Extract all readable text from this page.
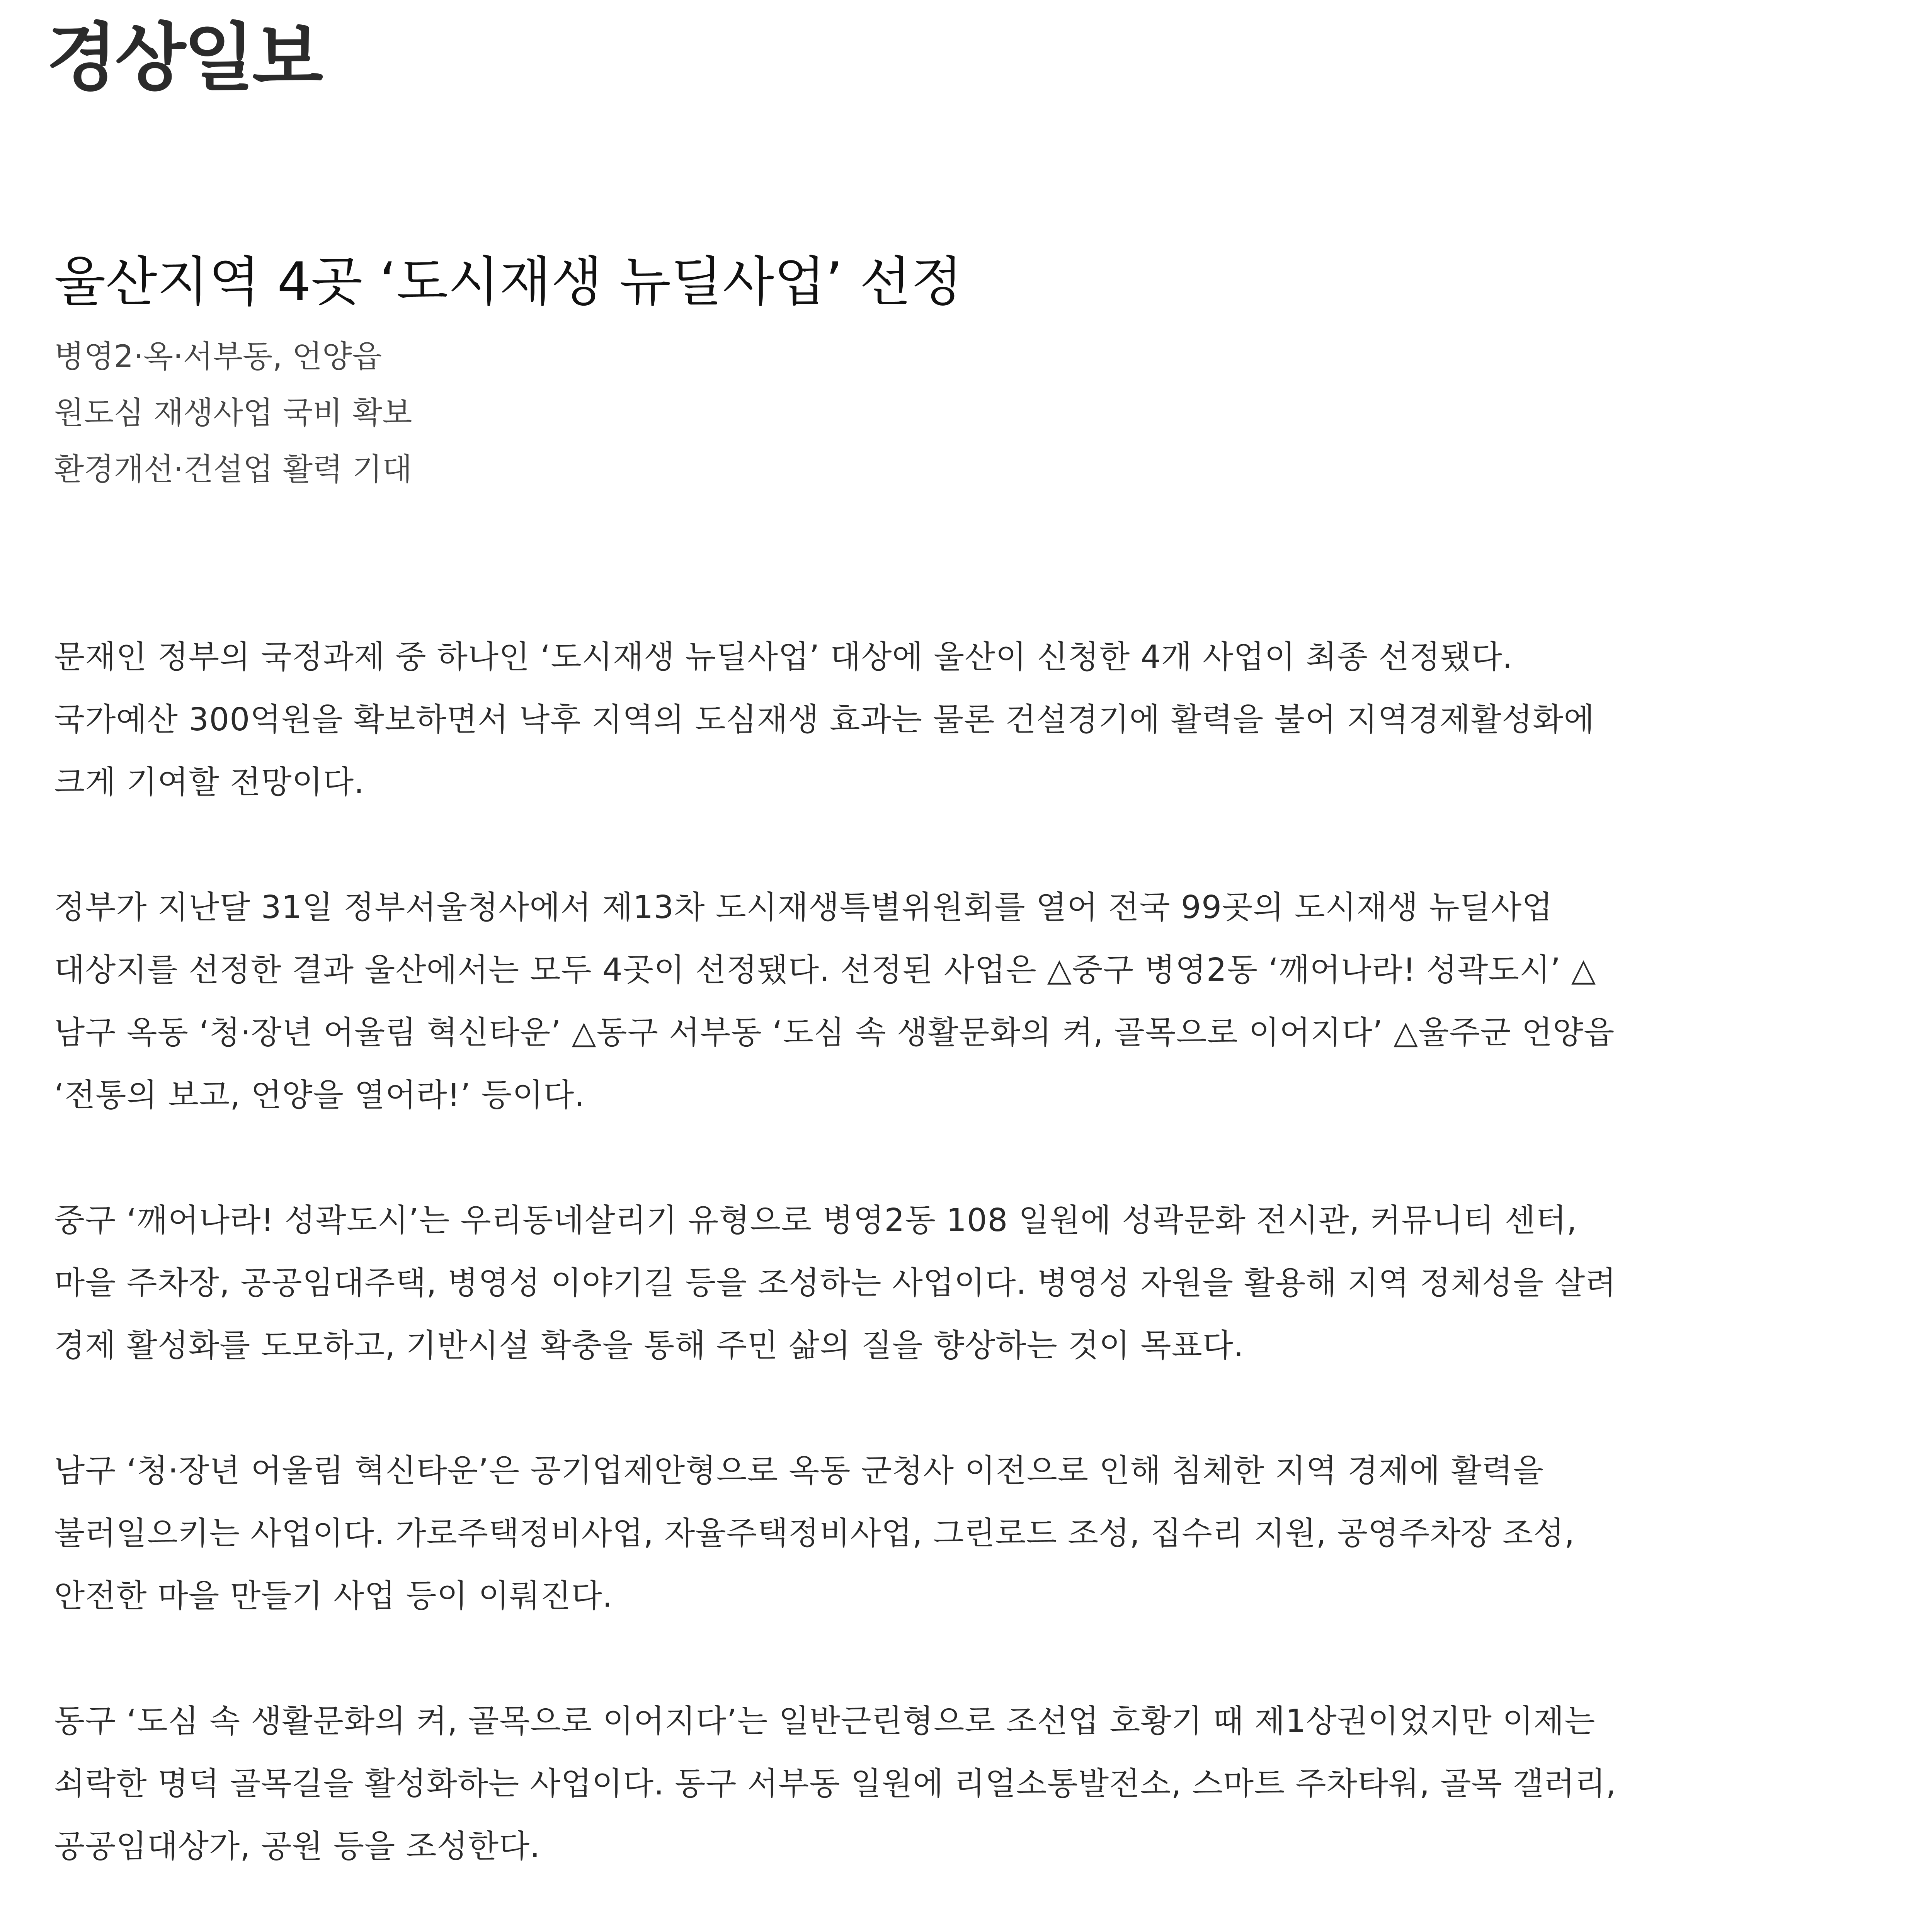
경상일보
울산지역 4곳 ‘도시재생 뉴딜사업’ 선정
병영2·옥·서부동, 언양읍
원도심 재생사업 국비 확보
환경개선·건설업 활력 기대

문재인 정부의 국정과제 중 하나인 ‘도시재생 뉴딜사업’ 대상에 울산이 신청한 4개 사업이 최종 선정됐다. 국가예산 300억원을 확보하면서 낙후 지역의 도심재생 효과는 물론 건설경기에 활력을 불어 지역경제활성화에 크게 기여할 전망이다.

정부가 지난달 31일 정부서울청사에서 제13차 도시재생특별위원회를 열어 전국 99곳의 도시재생 뉴딜사업 대상지를 선정한 결과 울산에서는 모두 4곳이 선정됐다. 선정된 사업은 △중구 병영2동 ‘깨어나라! 성곽도시’ △남구 옥동 ‘청·장년 어울림 혁신타운’ △동구 서부동 ‘도심 속 생활문화의 켜, 골목으로 이어지다’ △울주군 언양읍 ‘전통의 보고, 언양을 열어라!’ 등이다.

중구 ‘깨어나라! 성곽도시’는 우리동네살리기 유형으로 병영2동 108 일원에 성곽문화 전시관, 커뮤니티 센터, 마을 주차장, 공공임대주택, 병영성 이야기길 등을 조성하는 사업이다. 병영성 자원을 활용해 지역 정체성을 살려 경제 활성화를 도모하고, 기반시설 확충을 통해 주민 삶의 질을 향상하는 것이 목표다.

남구 ‘청·장년 어울림 혁신타운’은 공기업제안형으로 옥동 군청사 이전으로 인해 침체한 지역 경제에 활력을 불러일으키는 사업이다. 가로주택정비사업, 자율주택정비사업, 그린로드 조성, 집수리 지원, 공영주차장 조성, 안전한 마을 만들기 사업 등이 이뤄진다.

동구 ‘도심 속 생활문화의 켜, 골목으로 이어지다’는 일반근린형으로 조선업 호황기 때 제1상권이었지만 이제는 쇠락한 명덕 골목길을 활성화하는 사업이다. 동구 서부동 일원에 리얼소통발전소, 스마트 주차타워, 골목 갤러리, 공공임대상가, 공원 등을 조성한다.
